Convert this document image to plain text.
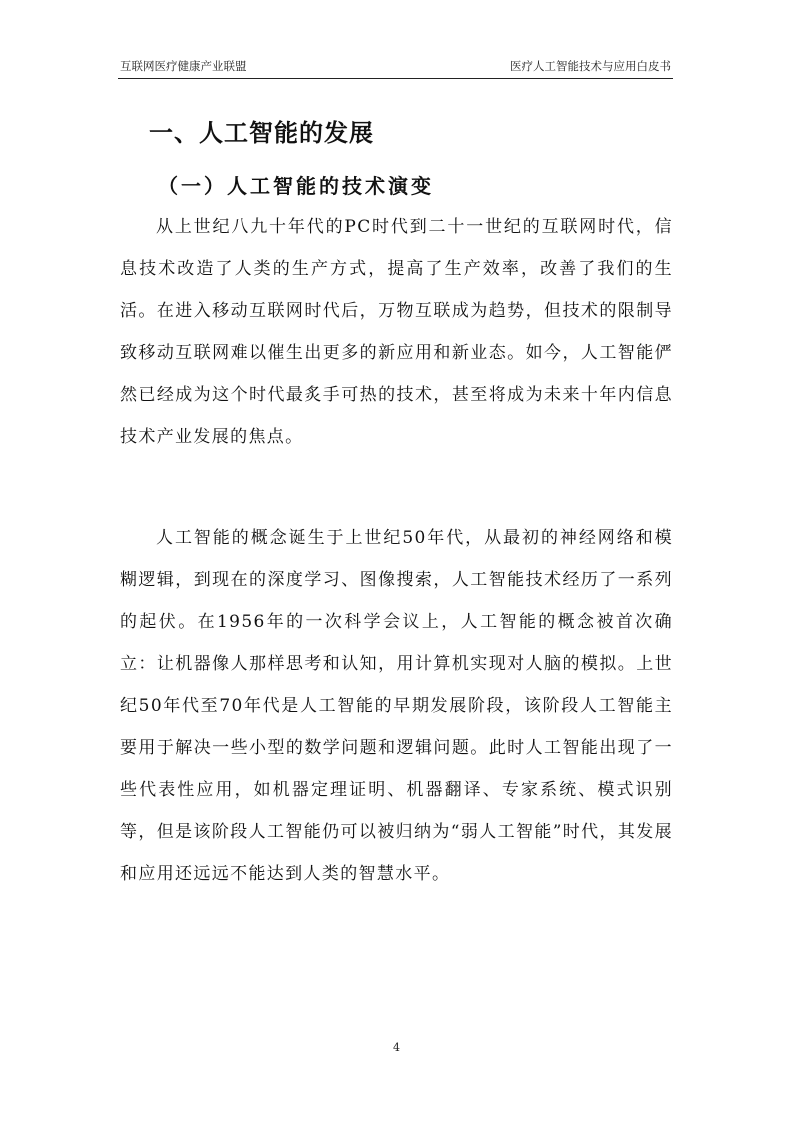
互联网医疗健康产业联盟	医疗人工智能技术与应用白皮书
一、人工智能的发展
（一）人工智能的技术演变

从上世纪八九十年代的PC时代到二十一世纪的互联网时代，信息技术改造了人类的生产方式，提高了生产效率，改善了我们的生活。在进入移动互联网时代后，万物互联成为趋势，但技术的限制导致移动互联网难以催生出更多的新应用和新业态。如今，人工智能俨然已经成为这个时代最炙手可热的技术，甚至将成为未来十年内信息技术产业发展的焦点。

人工智能的概念诞生于上世纪50年代，从最初的神经网络和模糊逻辑，到现在的深度学习、图像搜索，人工智能技术经历了一系列的起伏。在1956年的一次科学会议上，人工智能的概念被首次确立：让机器像人那样思考和认知，用计算机实现对人脑的模拟。上世纪50年代至70年代是人工智能的早期发展阶段，该阶段人工智能主要用于解决一些小型的数学问题和逻辑问题。此时人工智能出现了一些代表性应用，如机器定理证明、机器翻译、专家系统、模式识别等，但是该阶段人工智能仍可以被归纳为“弱人工智能”时代，其发展和应用还远远不能达到人类的智慧水平。

4
